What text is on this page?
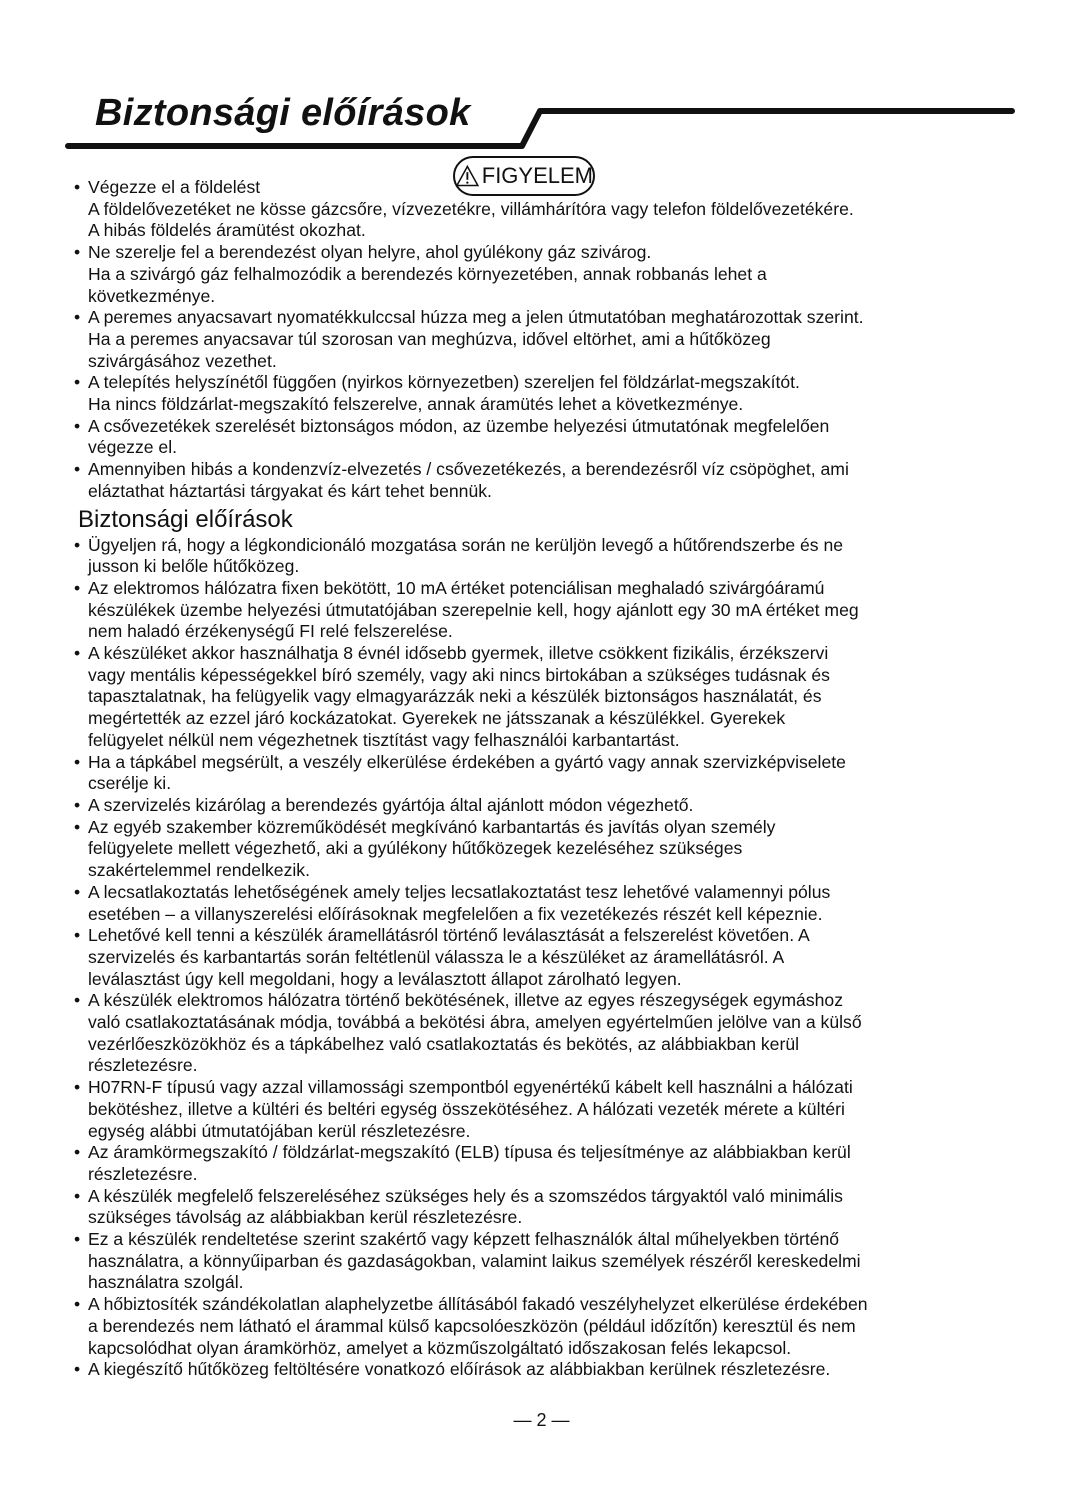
Biztonsági előírások
FIGYELEM
• Végezze el a földelést
A földelővezetéket ne kösse gázcsőre, vízvezetékre, villámhárítóra vagy telefon földelővezetékére.
A hibás földelés áramütést okozhat.
• Ne szerelje fel a berendezést olyan helyre, ahol gyúlékony gáz szivárog.
Ha a szivárgó gáz felhalmozódik a berendezés környezetében, annak robbanás lehet a
következménye.
• A peremes anyacsavart nyomatékkulccsal húzza meg a jelen útmutatóban meghatározottak szerint.
Ha a peremes anyacsavar túl szorosan van meghúzva, idővel eltörhet, ami a hűtőközeg
szivárgásához vezethet.
• A telepítés helyszínétől függően (nyirkos környezetben) szereljen fel földzárlat-megszakítót.
Ha nincs földzárlat-megszakító felszerelve, annak áramütés lehet a következménye.
• A csővezetékek szerelését biztonságos módon, az üzembe helyezési útmutatónak megfelelően
végezze el.
• Amennyiben hibás a kondenzvíz-elvezetés / csővezetékezés, a berendezésről víz csöpöghet, ami
eláztathat háztartási tárgyakat és kárt tehet bennük.
Biztonsági előírások
• Ügyeljen rá, hogy a légkondicionáló mozgatása során ne kerüljön levegő a hűtőrendszerbe és ne
jusson ki belőle hűtőközeg.
• Az elektromos hálózatra fixen bekötött, 10 mA értéket potenciálisan meghaladó szivárgóáramú
készülékek üzembe helyezési útmutatójában szerepelnie kell, hogy ajánlott egy 30 mA értéket meg
nem haladó érzékenységű FI relé felszerelése.
• A készüléket akkor használhatja 8 évnél idősebb gyermek, illetve csökkent fizikális, érzékszervi
vagy mentális képességekkel bíró személy, vagy aki nincs birtokában a szükséges tudásnak és
tapasztalatnak, ha felügyelik vagy elmagyarázzák neki a készülék biztonságos használatát, és
megértették az ezzel járó kockázatokat. Gyerekek ne játsszanak a készülékkel. Gyerekek
felügyelet nélkül nem végezhetnek tisztítást vagy felhasználói karbantartást.
• Ha a tápkábel megsérült, a veszély elkerülése érdekében a gyártó vagy annak szervizképviselete
cserélje ki.
• A szervizelés kizárólag a berendezés gyártója által ajánlott módon végezhető.
• Az egyéb szakember közreműködését megkívánó karbantartás és javítás olyan személy
felügyelete mellett végezhető, aki a gyúlékony hűtőközegek kezeléséhez szükséges
szakértelemmel rendelkezik.
• A lecsatlakoztatás lehetőségének amely teljes lecsatlakoztatást tesz lehetővé valamennyi pólus
esetében – a villanyszerelési előírásoknak megfelelően a fix vezetékezés részét kell képeznie.
• Lehetővé kell tenni a készülék áramellátásról történő leválasztását a felszerelést követően. A
szervizelés és karbantartás során feltétlenül válassza le a készüléket az áramellátásról. A
leválasztást úgy kell megoldani, hogy a leválasztott állapot zárolható legyen.
• A készülék elektromos hálózatra történő bekötésének, illetve az egyes részegységek egymáshoz
való csatlakoztatásának módja, továbbá a bekötési ábra, amelyen egyértelműen jelölve van a külső
vezérlőeszközökhöz és a tápkábelhez való csatlakoztatás és bekötés, az alábbiakban kerül
részletezésre.
• H07RN-F típusú vagy azzal villamossági szempontból egyenértékű kábelt kell használni a hálózati
bekötéshez, illetve a kültéri és beltéri egység összekötéséhez. A hálózati vezeték mérete a kültéri
egység alábbi útmutatójában kerül részletezésre.
• Az áramkörmegszakító / földzárlat-megszakító (ELB) típusa és teljesítménye az alábbiakban kerül
részletezésre.
• A készülék megfelelő felszereléséhez szükséges hely és a szomszédos tárgyaktól való minimális
szükséges távolság az alábbiakban kerül részletezésre.
• Ez a készülék rendeltetése szerint szakértő vagy képzett felhasználók által műhelyekben történő
használatra, a könnyűiparban és gazdaságokban, valamint laikus személyek részéről kereskedelmi
használatra szolgál.
• A hőbiztosíték szándékolatlan alaphelyzetbe állításából fakadó veszélyhelyzet elkerülése érdekében
a berendezés nem látható el árammal külső kapcsolóeszközön (például időzítőn) keresztül és nem
kapcsolódhat olyan áramkörhöz, amelyet a közműszolgáltató időszakosan felés lekapcsol.
• A kiegészítő hűtőközeg feltöltésére vonatkozó előírások az alábbiakban kerülnek részletezésre.
— 2 —
